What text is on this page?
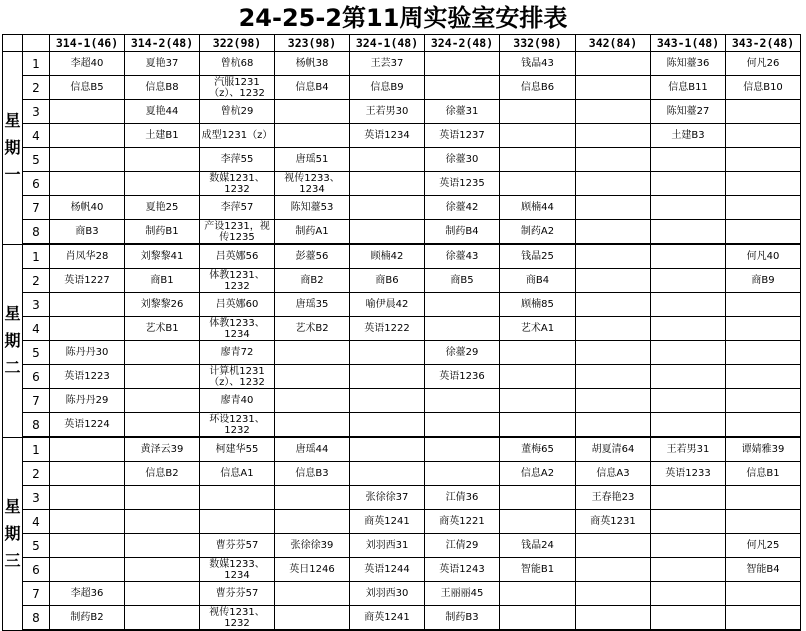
24-25-2第11周实验室安排表
		314-1(46)	314-2(48)	322(98)	323(98)	324-1(48)	324-2(48)	332(98)	342(84)	343-1(48)	343-2(48)

星
期
一	1	李超40	夏艳37	曾杭68	杨帆38	王芸37		钱晶43		陈知薹36	何凡26

	2	信息B5	信息B8	汽服1231（z）、1232	信息B4	信息B9		信息B6		信息B11	信息B10

	3		夏艳44	曾杭29		王若男30	徐薹31			陈知薹27	

	4		土建B1	成型1231（z）		英语1234	英语1237			土建B3	

	5			李萍55	唐瑶51		徐薹30				

	6			数媒1231、1232	视传1233、1234		英语1235				

	7	杨帆40	夏艳25	李萍57	陈知薹53		徐薹42	顾楠44			

	8	商B3	制药B1	产设1231，视传1235	制药A1		制药B4	制药A2			

星
期
二	1	肖凤华28	刘黎黎41	吕英娜56	彭薹56	顾楠42	徐薹43	钱晶25			何凡40

	2	英语1227	商B1	体教1231、1232	商B2	商B6	商B5	商B4			商B9

	3		刘黎黎26	吕英娜60	唐瑶35	喻伊晨42		顾楠85			

	4		艺术B1	体教1233、1234	艺术B2	英语1222		艺术A1			

	5	陈丹丹30		廖青72			徐薹29				

	6	英语1223		计算机1231（z）、1232			英语1236				

	7	陈丹丹29		廖青40							

	8	英语1224		环设1231、1232							

星
期
三	1		黄泽云39	柯建华55	唐瑶44			董梅65	胡夏清64	王若男31	谭婧雅39

	2		信息B2	信息A1	信息B3			信息A2	信息A3	英语1233	信息B1

	3					张徐徐37	江倩36		王春艳23		

	4					商英1241	商英1221		商英1231		

	5			曹芬芬57	张徐徐39	刘羽西31	江倩29	钱晶24			何凡25

	6			数媒1233、1234	英日1246	英语1244	英语1243	智能B1			智能B4

	7	李超36		曹芬芬57		刘羽西30	王丽丽45				

	8	制药B2		视传1231、1232		商英1241	制药B3				
